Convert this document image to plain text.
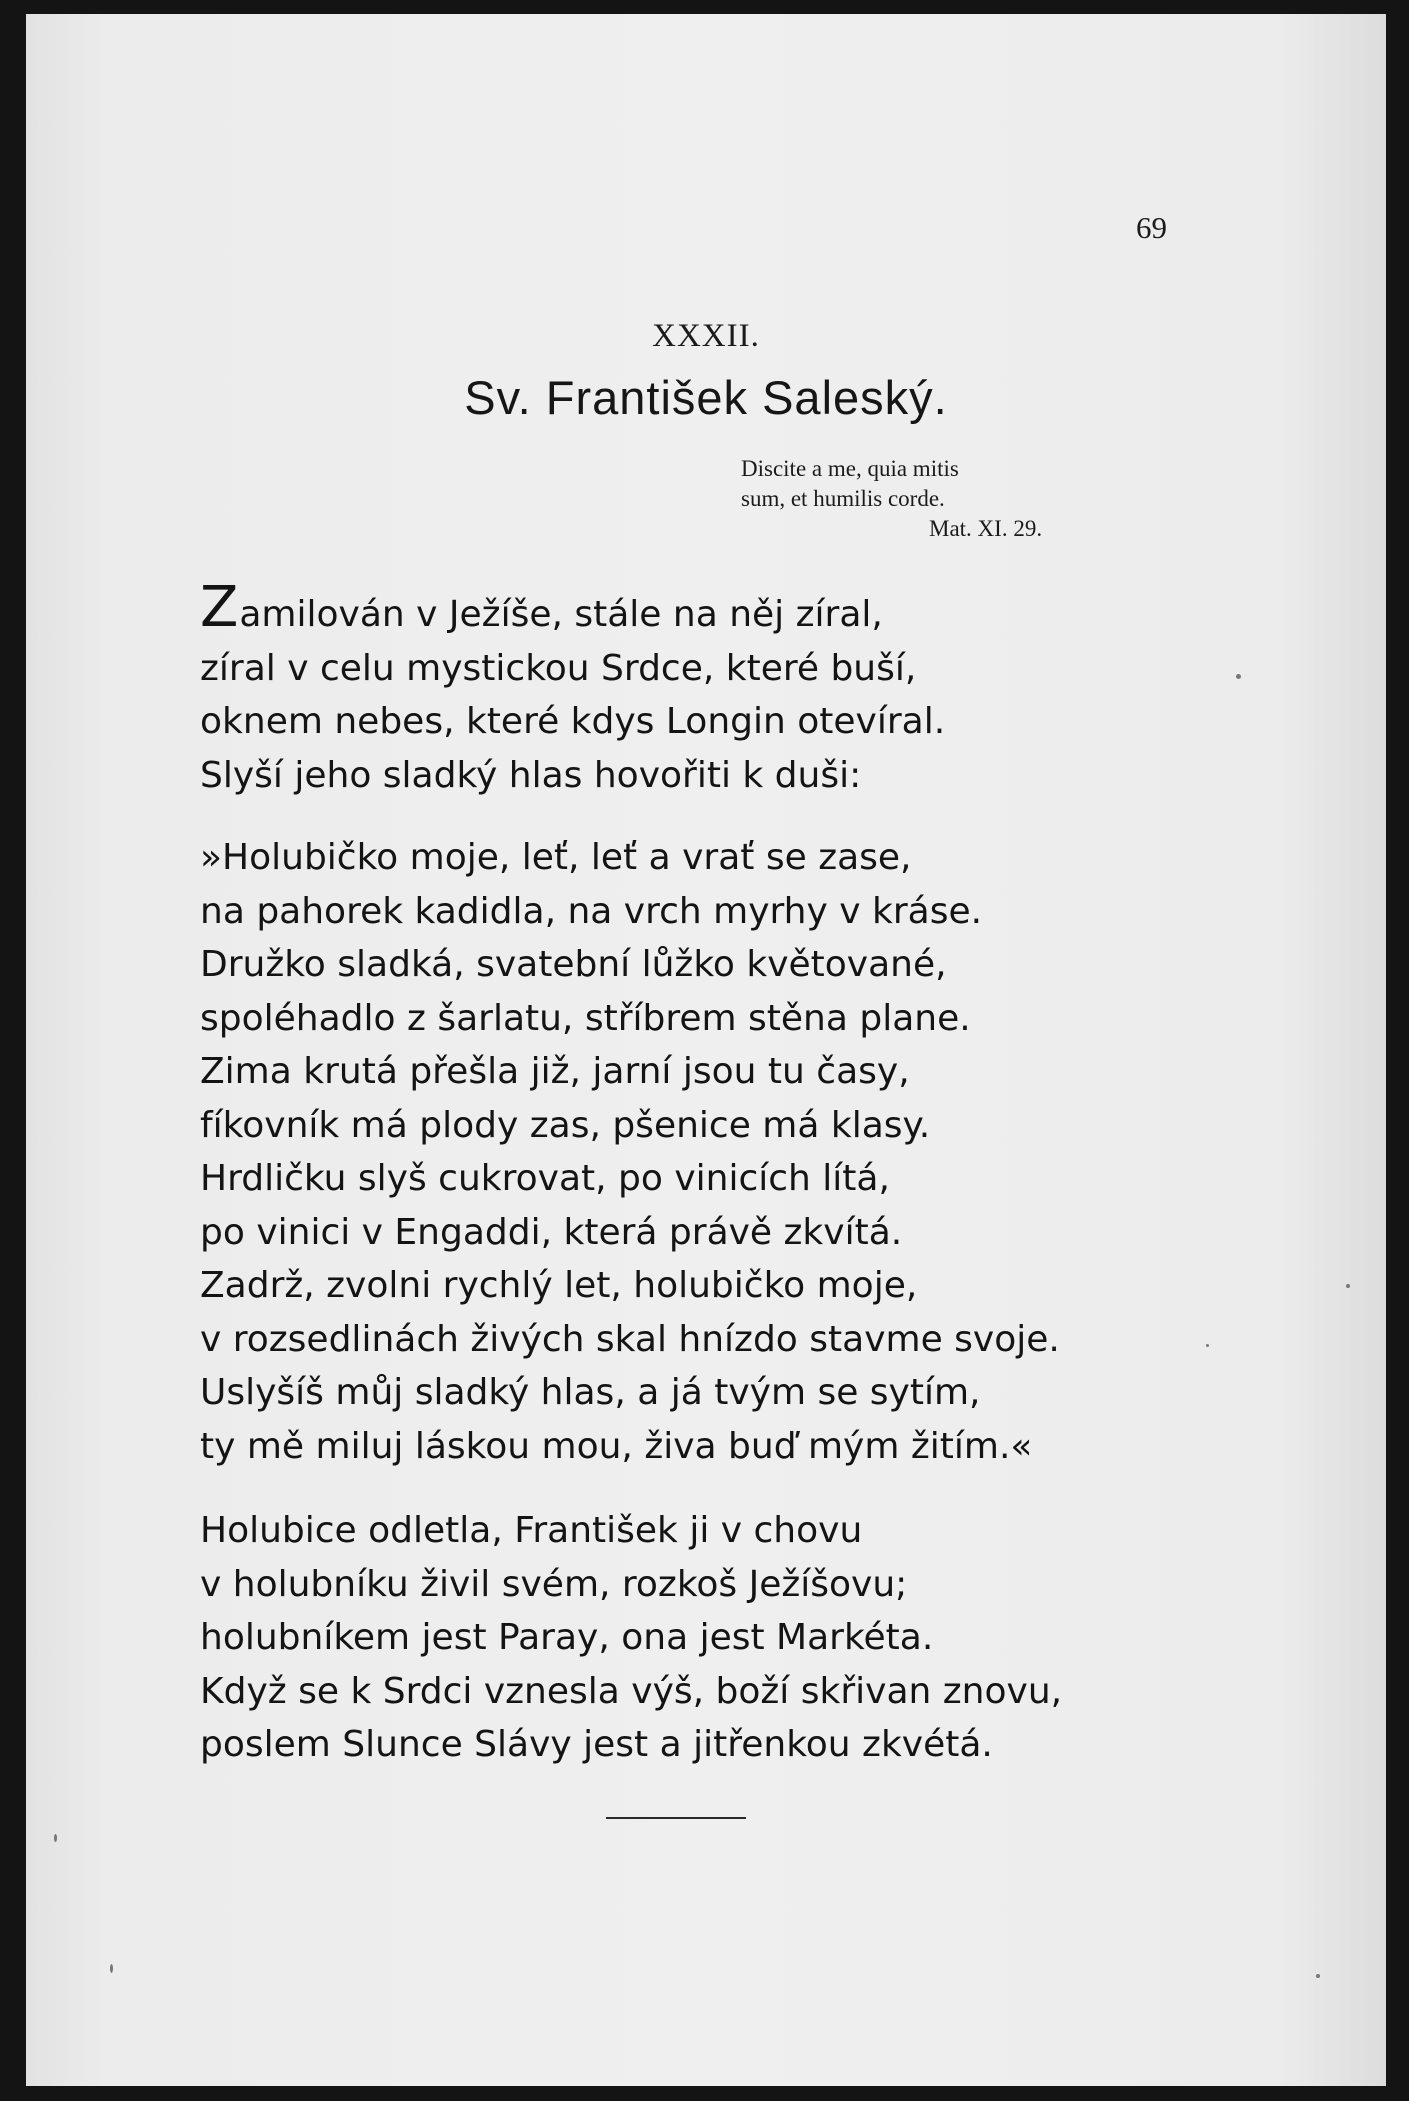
69
XXXII.
Sv. František Saleský.
Discite a me, quia mitis
sum, et humilis corde.
Mat. XI. 29.
Zamilován v Ježíše, stále na něj zíral,
zíral v celu mystickou Srdce, které buší,
oknem nebes, které kdys Longin otevíral.
Slyší jeho sladký hlas hovořiti k duši:
»Holubičko moje, leť, leť a vrať se zase,
na pahorek kadidla, na vrch myrhy v kráse.
Družko sladká, svatební lůžko květované,
spoléhadlo z šarlatu, stříbrem stěna plane.
Zima krutá přešla již, jarní jsou tu časy,
fíkovník má plody zas, pšenice má klasy.
Hrdličku slyš cukrovat, po vinicích lítá,
po vinici v Engaddi, která právě zkvítá.
Zadrž, zvolni rychlý let, holubičko moje,
v rozsedlinách živých skal hnízdo stavme svoje.
Uslyšíš můj sladký hlas, a já tvým se sytím,
ty mě miluj láskou mou, živa buď mým žitím.«
Holubice odletla, František ji v chovu
v holubníku živil svém, rozkoš Ježíšovu;
holubníkem jest Paray, ona jest Markéta.
Když se k Srdci vznesla výš, boží skřivan znovu,
poslem Slunce Slávy jest a jitřenkou zkvétá.
